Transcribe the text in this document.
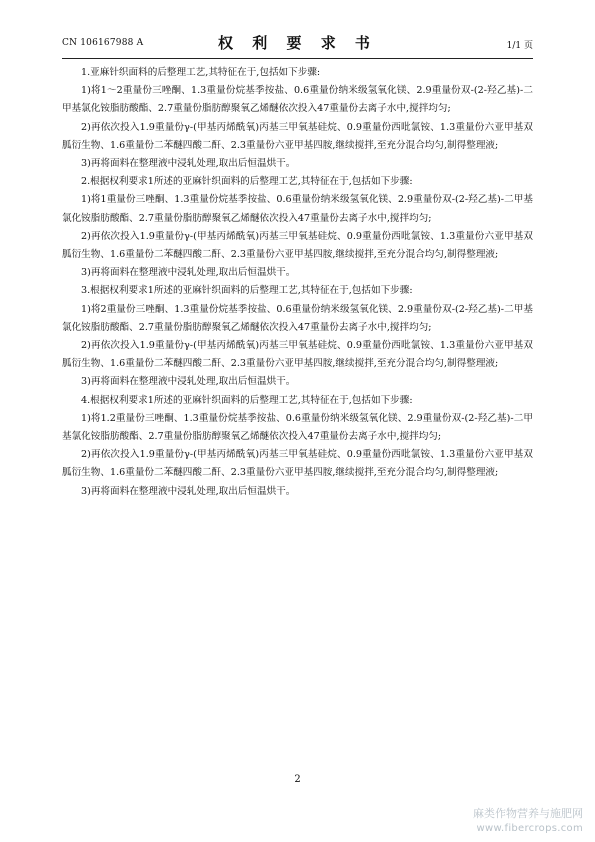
CN 106167988 A	权 利 要 求 书	1/1 页

1.亚麻针织面料的后整理工艺,其特征在于,包括如下步骤:

1)将1～2重量份三唑酮、1.3重量份烷基季按盐、0.6重量份纳米级氢氧化镁、2.9重量份双-(2-羟乙基)-二甲基氯化铵脂肪酸酯、2.7重量份脂肪醇聚氧乙烯醚依次投入47重量份去离子水中,搅拌均匀;

2)再依次投入1.9重量份γ-(甲基丙烯酰氧)丙基三甲氧基硅烷、0.9重量份西吡氯铵、1.3重量份六亚甲基双胍衍生物、1.6重量份二苯醚四酸二酐、2.3重量份六亚甲基四胺,继续搅拌,至充分混合均匀,制得整理液;

3)再将面料在整理液中浸轧处理,取出后恒温烘干。

2.根据权利要求1所述的亚麻针织面料的后整理工艺,其特征在于,包括如下步骤:

1)将1重量份三唑酮、1.3重量份烷基季按盐、0.6重量份纳米级氢氧化镁、2.9重量份双-(2-羟乙基)-二甲基氯化铵脂肪酸酯、2.7重量份脂肪醇聚氧乙烯醚依次投入47重量份去离子水中,搅拌均匀;

2)再依次投入1.9重量份γ-(甲基丙烯酰氧)丙基三甲氧基硅烷、0.9重量份西吡氯铵、1.3重量份六亚甲基双胍衍生物、1.6重量份二苯醚四酸二酐、2.3重量份六亚甲基四胺,继续搅拌,至充分混合均匀,制得整理液;

3)再将面料在整理液中浸轧处理,取出后恒温烘干。

3.根据权利要求1所述的亚麻针织面料的后整理工艺,其特征在于,包括如下步骤:

1)将2重量份三唑酮、1.3重量份烷基季按盐、0.6重量份纳米级氢氧化镁、2.9重量份双-(2-羟乙基)-二甲基氯化铵脂肪酸酯、2.7重量份脂肪醇聚氧乙烯醚依次投入47重量份去离子水中,搅拌均匀;

2)再依次投入1.9重量份γ-(甲基丙烯酰氧)丙基三甲氧基硅烷、0.9重量份西吡氯铵、1.3重量份六亚甲基双胍衍生物、1.6重量份二苯醚四酸二酐、2.3重量份六亚甲基四胺,继续搅拌,至充分混合均匀,制得整理液;

3)再将面料在整理液中浸轧处理,取出后恒温烘干。

4.根据权利要求1所述的亚麻针织面料的后整理工艺,其特征在于,包括如下步骤:

1)将1.2重量份三唑酮、1.3重量份烷基季按盐、0.6重量份纳米级氢氧化镁、2.9重量份双-(2-羟乙基)-二甲基氯化铵脂肪酸酯、2.7重量份脂肪醇聚氧乙烯醚依次投入47重量份去离子水中,搅拌均匀;

2)再依次投入1.9重量份γ-(甲基丙烯酰氧)丙基三甲氧基硅烷、0.9重量份西吡氯铵、1.3重量份六亚甲基双胍衍生物、1.6重量份二苯醚四酸二酐、2.3重量份六亚甲基四胺,继续搅拌,至充分混合均匀,制得整理液;

3)再将面料在整理液中浸轧处理,取出后恒温烘干。

2
麻类作物营养与施肥网
www.fibercrops.com
